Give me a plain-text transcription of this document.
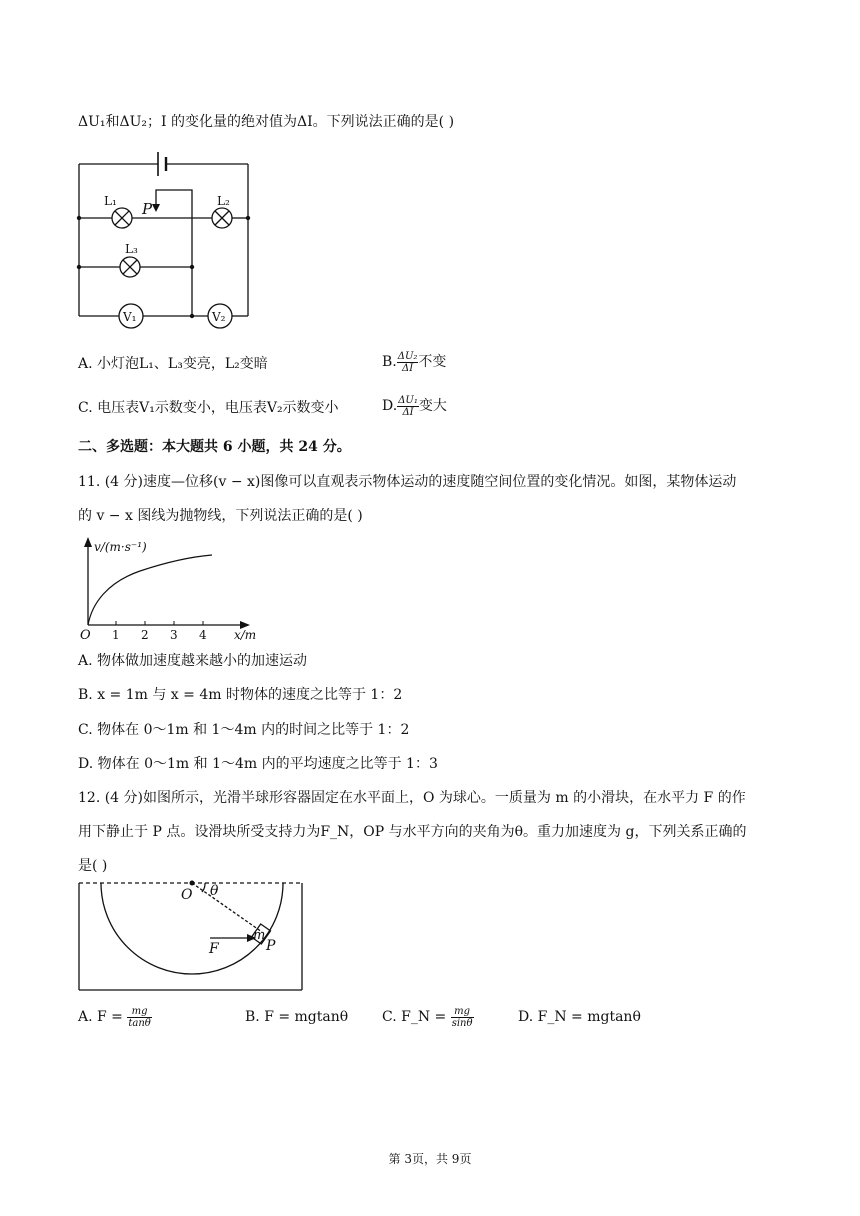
ΔU₁和ΔU₂；I 的变化量的绝对值为ΔI。下列说法正确的是( )
L₁	L₂
L₃
P
V₁	V₂
A. 小灯泡L₁、L₃变亮，L₂变暗	B. $\frac{\text{ΔU₂}}{\Delta I}$ 不变
C. 电压表V₁示数变小，电压表V₂示数变小	D. $\frac{\text{ΔU₁}}{\Delta I}$ 变大
二、多选题：本大题共 6 小题，共 24 分。
11. (4 分)速度—位移(v − x)图像可以直观表示物体运动的速度随空间位置的变化情况。如图，某物体运动
的 v − x 图线为抛物线，下列说法正确的是( )
v/(m·s⁻¹)
O 1 2 3 4 x/m
A. 物体做加速度越来越小的加速运动
B. x = 1m 与 x = 4m 时物体的速度之比等于 1：2
C. 物体在 0～1m 和 1～4m 内的时间之比等于 1：2
D. 物体在 0～1m 和 1～4m 内的平均速度之比等于 1：3
12. (4 分)如图所示，光滑半球形容器固定在水平面上，O 为球心。一质量为 m 的小滑块，在水平力 F 的作
用下静止于 P 点。设滑块所受支持力为F_N，OP 与水平方向的夹角为θ。重力加速度为 g，下列关系正确的
是( )
O θ
F
m
P
A. $F = \frac{mg}{\tan\theta}$	B. F = mgtanθ C. F_N = $\frac{mg}{\sin\theta}$	D. F_N = mgtanθ
第 3页，共 9页
